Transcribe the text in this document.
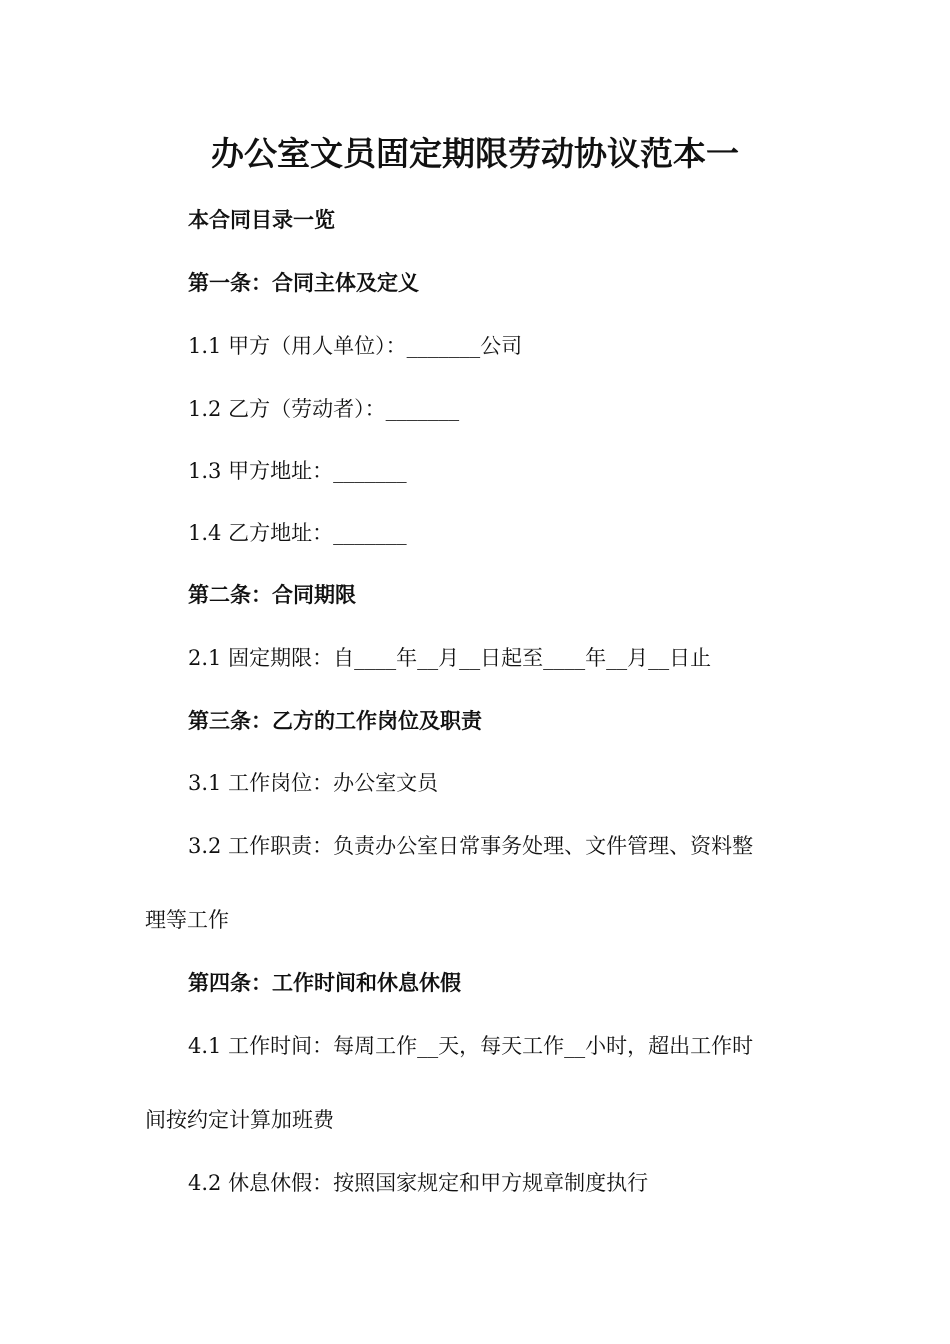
办公室文员固定期限劳动协议范本一
本合同目录一览
第一条：合同主体及定义
1.1 甲方（用人单位）：_______公司
1.2 乙方（劳动者）：_______
1.3 甲方地址：_______
1.4 乙方地址：_______
第二条：合同期限
2.1 固定期限：自____年__月__日起至____年__月__日止
第三条：乙方的工作岗位及职责
3.1 工作岗位：办公室文员
3.2 工作职责：负责办公室日常事务处理、文件管理、资料整
理等工作
第四条：工作时间和休息休假
4.1 工作时间：每周工作__天，每天工作__小时，超出工作时
间按约定计算加班费
4.2 休息休假：按照国家规定和甲方规章制度执行
